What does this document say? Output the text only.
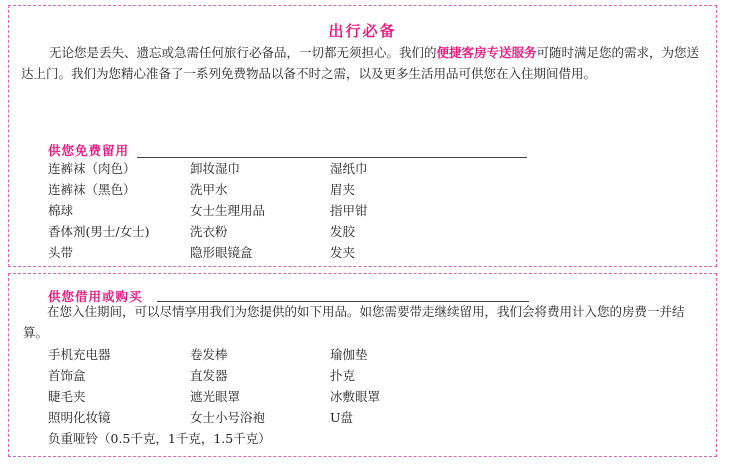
出行必备
无论您是丢失、遗忘或急需任何旅行必备品，一切都无须担心。我们的便捷客房专送服务可随时满足您的需求，为您送达上门。我们为您精心准备了一系列免费物品以备不时之需，以及更多生活用品可供您在入住期间借用。
供您免费留用
连裤袜（肉色）
连裤袜（黑色）
棉球
香体剂(男士/女士)
头带
卸妆湿巾
洗甲水
女士生理用品
洗衣粉
隐形眼镜盒
湿纸巾
眉夹
指甲钳
发胶
发夹
供您借用或购买
在您入住期间，可以尽情享用我们为您提供的如下用品。如您需要带走继续留用，我们会将费用计入您的房费一并结算。
手机充电器
首饰盒
睫毛夹
照明化妆镜
负重哑铃（0.5千克，1千克，1.5千克）
卷发棒
直发器
遮光眼罩
女士小号浴袍
瑜伽垫
扑克
冰敷眼罩
U盘
